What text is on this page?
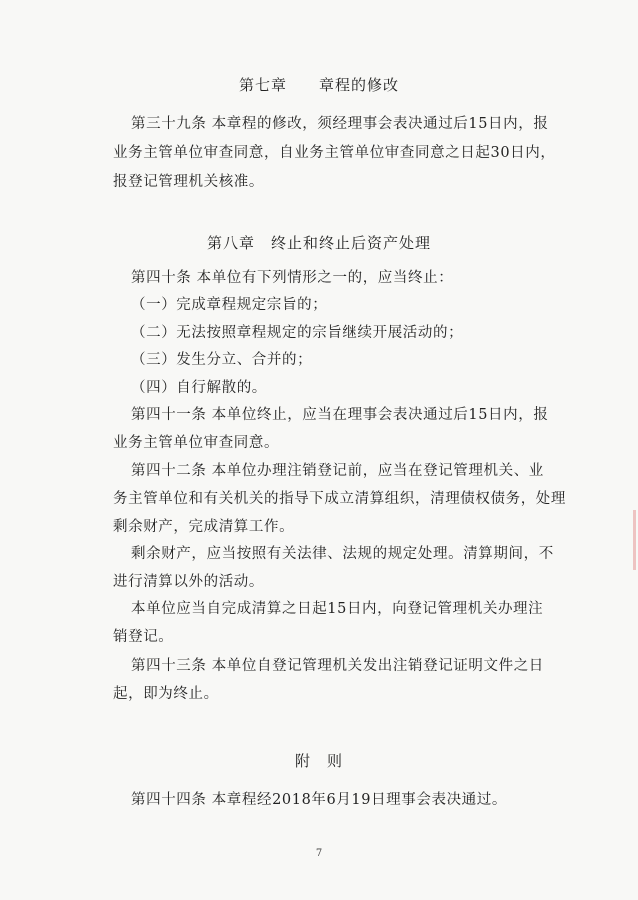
第七章　　章程的修改
第三十九条 本章程的修改，须经理事会表决通过后15日内，报
业务主管单位审查同意，自业务主管单位审查同意之日起30日内，
报登记管理机关核准。
第八章　终止和终止后资产处理
第四十条 本单位有下列情形之一的，应当终止：
（一）完成章程规定宗旨的；
（二）无法按照章程规定的宗旨继续开展活动的；
（三）发生分立、合并的；
（四）自行解散的。
第四十一条 本单位终止，应当在理事会表决通过后15日内，报
业务主管单位审查同意。
第四十二条 本单位办理注销登记前，应当在登记管理机关、业
务主管单位和有关机关的指导下成立清算组织，清理债权债务，处理
剩余财产，完成清算工作。
剩余财产，应当按照有关法律、法规的规定处理。清算期间，不
进行清算以外的活动。
本单位应当自完成清算之日起15日内，向登记管理机关办理注
销登记。
第四十三条 本单位自登记管理机关发出注销登记证明文件之日
起，即为终止。
附　则
第四十四条 本章程经2018年6月19日理事会表决通过。
7
